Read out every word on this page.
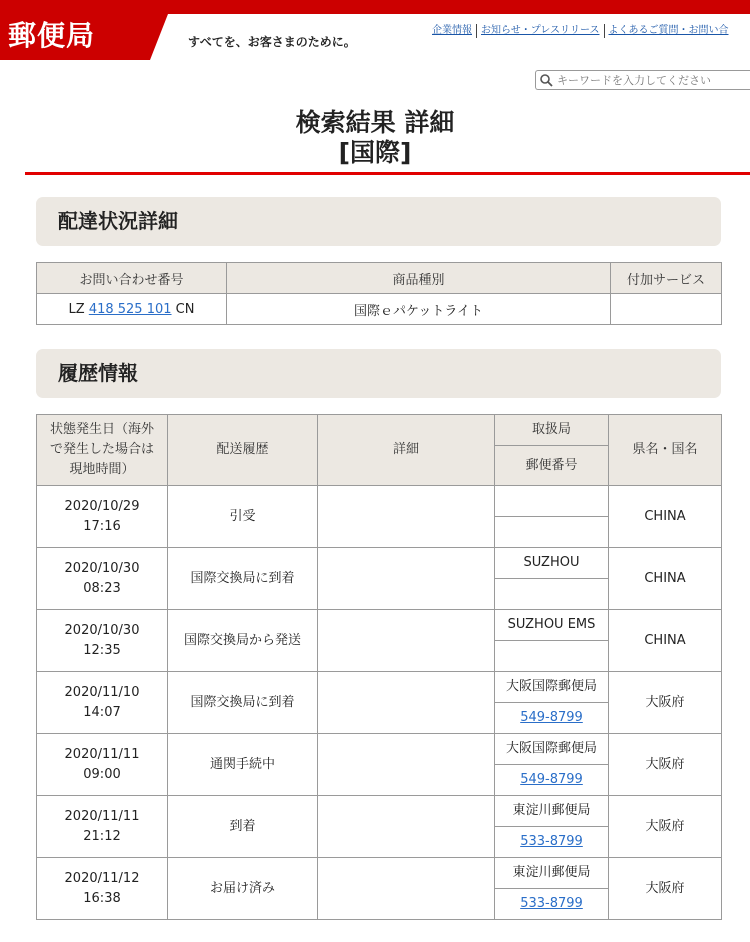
郵便局	すべてを、お客さまのために。
企業情報 お知らせ・プレスリリース よくあるご質問・お問い合
キーワードを入力してください
検索結果 詳細
[国際]
配達状況詳細
お問い合わせ番号	商品種別	付加サービス
LZ 418 525 101 CN	国際ｅパケットライト	
履歴情報
状態発生日（海外で発生した場合は現地時間）	配送履歴	詳細	取扱局	県名・国名
			郵便番号	

2020/10/29
17:16	引受			CHINA

2020/10/30
08:23	国際交換局に到着		SUZHOU	CHINA

2020/10/30
12:35	国際交換局から発送		SUZHOU EMS	CHINA

2020/11/10
14:07	国際交換局に到着		大阪国際郵便局	大阪府
			549-8799	

2020/11/11
09:00	通関手続中		大阪国際郵便局	大阪府
			549-8799	

2020/11/11
21:12	到着		東淀川郵便局	大阪府
			533-8799	

2020/11/12
16:38	お届け済み		東淀川郵便局	大阪府
			533-8799	
